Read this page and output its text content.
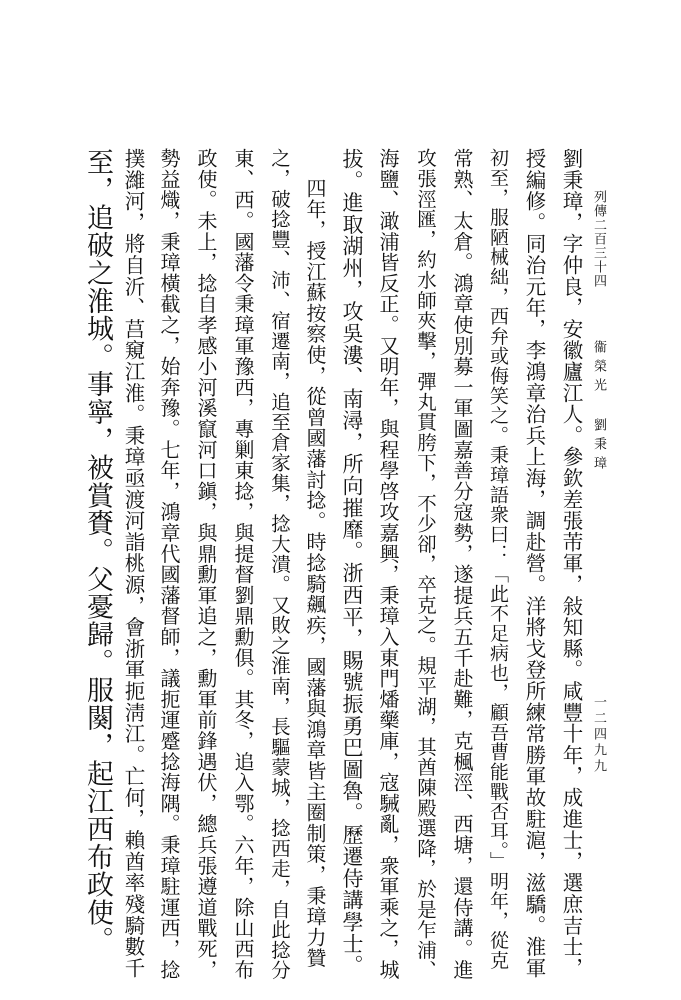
劉秉璋，字仲良，安徽廬江人。參欽差張芾軍，敍知縣。咸豐十年，成進士，選庶吉士，
授編修。同治元年，李鴻章治兵上海，調赴營。洋將戈登所練常勝軍故駐滬，滋驕。淮軍
初至，服陋械絀，西弁或侮笑之。秉璋語衆曰：「此不足病也，顧吾曹能戰否耳。」明年，從克
常熟、太倉。鴻章使別募一軍圖嘉善分寇勢，遂提兵五千赴難，克楓涇、西塘，還侍講。進
攻張涇匯，約水師夾擊，彈丸貫胯下，不少卻，卒克之。規平湖，其酋陳殿選降，於是乍浦、
海鹽、澉浦皆反正。又明年，與程學啓攻嘉興，秉璋入東門燔藥庫，寇駴亂，衆軍乘之，城
拔。進取湖州，攻吳漊、南潯，所向摧靡。浙西平，賜號振勇巴圖魯。歷遷侍講學士。
四年，授江蘇按察使，從曾國藩討捻。時捻騎飆疾，國藩與鴻章皆主圈制策，秉璋力贊
之，破捻豐、沛、宿遷南，追至倉家集，捻大潰。又敗之淮南，長驅蒙城，捻西走，自此捻分
東、西。國藩令秉璋軍豫西，專剿東捻，與提督劉鼎勳俱。其冬，追入鄂。六年，除山西布
政使。未上，捻自孝感小河溪竄河口鎭，與鼎勳軍追之，勳軍前鋒遇伏，總兵張遵道戰死，
勢益熾，秉璋橫截之，始奔豫。七年，鴻章代國藩督師，議扼運蹙捻海隅。秉璋駐運西，捻
撲濰河，將自沂、莒窺江淮。秉璋亟渡河詣桃源，會浙軍扼淸江。亡何，賴酋率殘騎數千
至，追破之淮城。事寧，被賞賚。父憂歸。服闋，起江西布政使。	列傳二百三十四
衞榮光 劉秉璋
一二四九九
